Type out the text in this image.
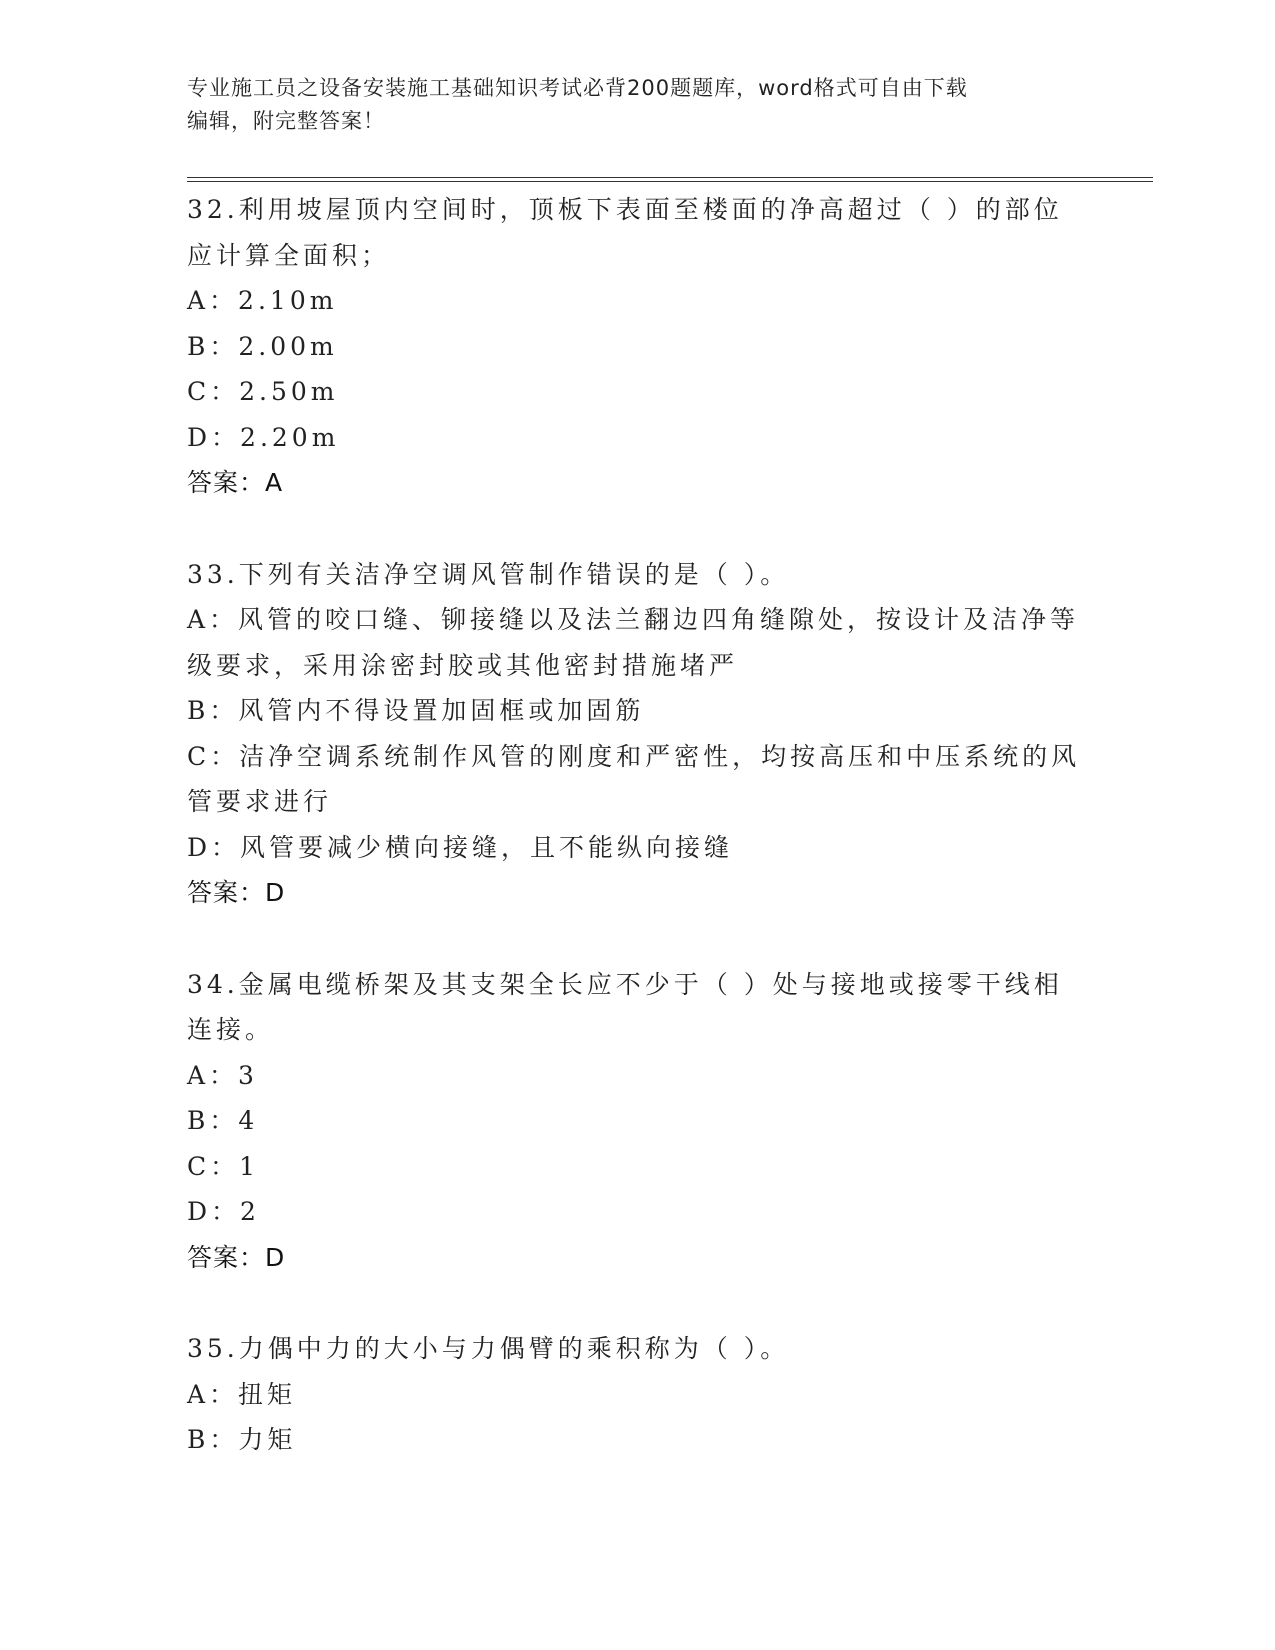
专业施工员之设备安装施工基础知识考试必背200题题库，word格式可自由下载
编辑，附完整答案！
32.利用坡屋顶内空间时，顶板下表面至楼面的净高超过（ ）的部位
应计算全面积；
A：2.10m
B：2.00m
C：2.50m
D：2.20m
答案：A
33.下列有关洁净空调风管制作错误的是（ ）。
A：风管的咬口缝、铆接缝以及法兰翻边四角缝隙处，按设计及洁净等
级要求，采用涂密封胶或其他密封措施堵严
B：风管内不得设置加固框或加固筋
C：洁净空调系统制作风管的刚度和严密性，均按高压和中压系统的风
管要求进行
D：风管要减少横向接缝，且不能纵向接缝
答案：D
34.金属电缆桥架及其支架全长应不少于（ ）处与接地或接零干线相
连接。
A：3
B：4
C：1
D：2
答案：D
35.力偶中力的大小与力偶臂的乘积称为（ ）。
A：扭矩
B：力矩
